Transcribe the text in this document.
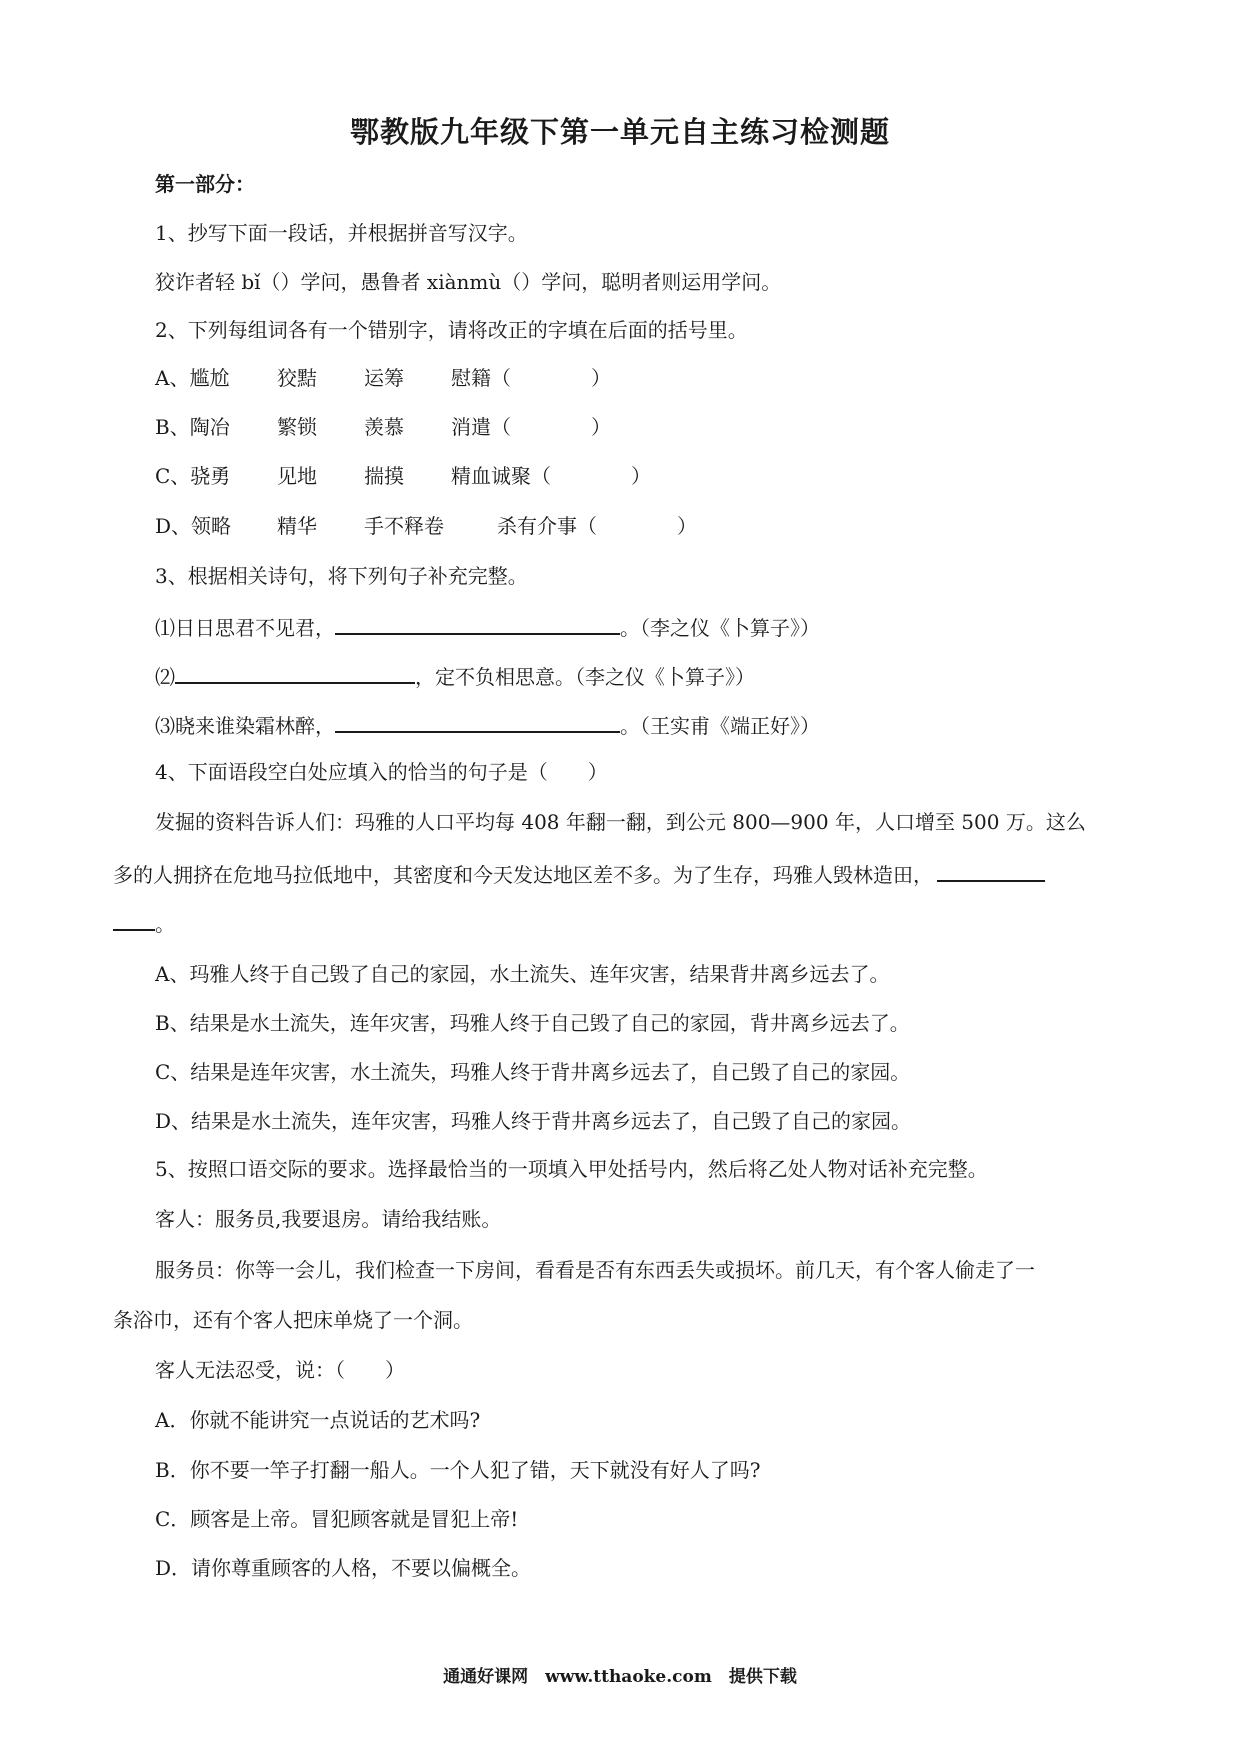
鄂教版九年级下第一单元自主练习检测题
第一部分：
1、抄写下面一段话，并根据拼音写汉字。
狡诈者轻 bǐ（）学问，愚鲁者 xiànmù（）学问，聪明者则运用学问。
2、下列每组词各有一个错别字，请将改正的字填在后面的括号里。
A、尴尬 狡黠 运筹 慰籍（　　　　）
B、陶冶 繁锁 羡慕 消遣（　　　　）
C、骁勇 见地 揣摸 精血诚聚（　　　　）
D、领略 精华 手不释卷	杀有介事（　　　　）
3、根据相关诗句，将下列句子补充完整。
⑴日日思君不见君，	。（李之仪《卜算子》）
⑵	，定不负相思意。（李之仪《卜算子》）
⑶晓来谁染霜林醉，	。（王实甫《端正好》）
4、下面语段空白处应填入的恰当的句子是（　　）
发掘的资料告诉人们：玛雅的人口平均每 408 年翻一翻，到公元 800—900 年，人口增至 500 万。这么
多的人拥挤在危地马拉低地中，其密度和今天发达地区差不多。为了生存，玛雅人毁林造田，
。
A、玛雅人终于自己毁了自己的家园，水土流失、连年灾害，结果背井离乡远去了。
B、结果是水土流失，连年灾害，玛雅人终于自己毁了自己的家园，背井离乡远去了。
C、结果是连年灾害，水土流失，玛雅人终于背井离乡远去了，自己毁了自己的家园。
D、结果是水土流失，连年灾害，玛雅人终于背井离乡远去了，自己毁了自己的家园。
5、按照口语交际的要求。选择最恰当的一项填入甲处括号内，然后将乙处人物对话补充完整。
客人：服务员,我要退房。请给我结账。
服务员：你等一会儿，我们检查一下房间，看看是否有东西丢失或损坏。前几天，有个客人偷走了一
条浴巾，还有个客人把床单烧了一个洞。
客人无法忍受，说：（　　）
A．你就不能讲究一点说话的艺术吗?
B．你不要一竿子打翻一船人。一个人犯了错，天下就没有好人了吗?
C．顾客是上帝。冒犯顾客就是冒犯上帝!
D．请你尊重顾客的人格，不要以偏概全。
通通好课网　www.tthaoke.com　提供下载
